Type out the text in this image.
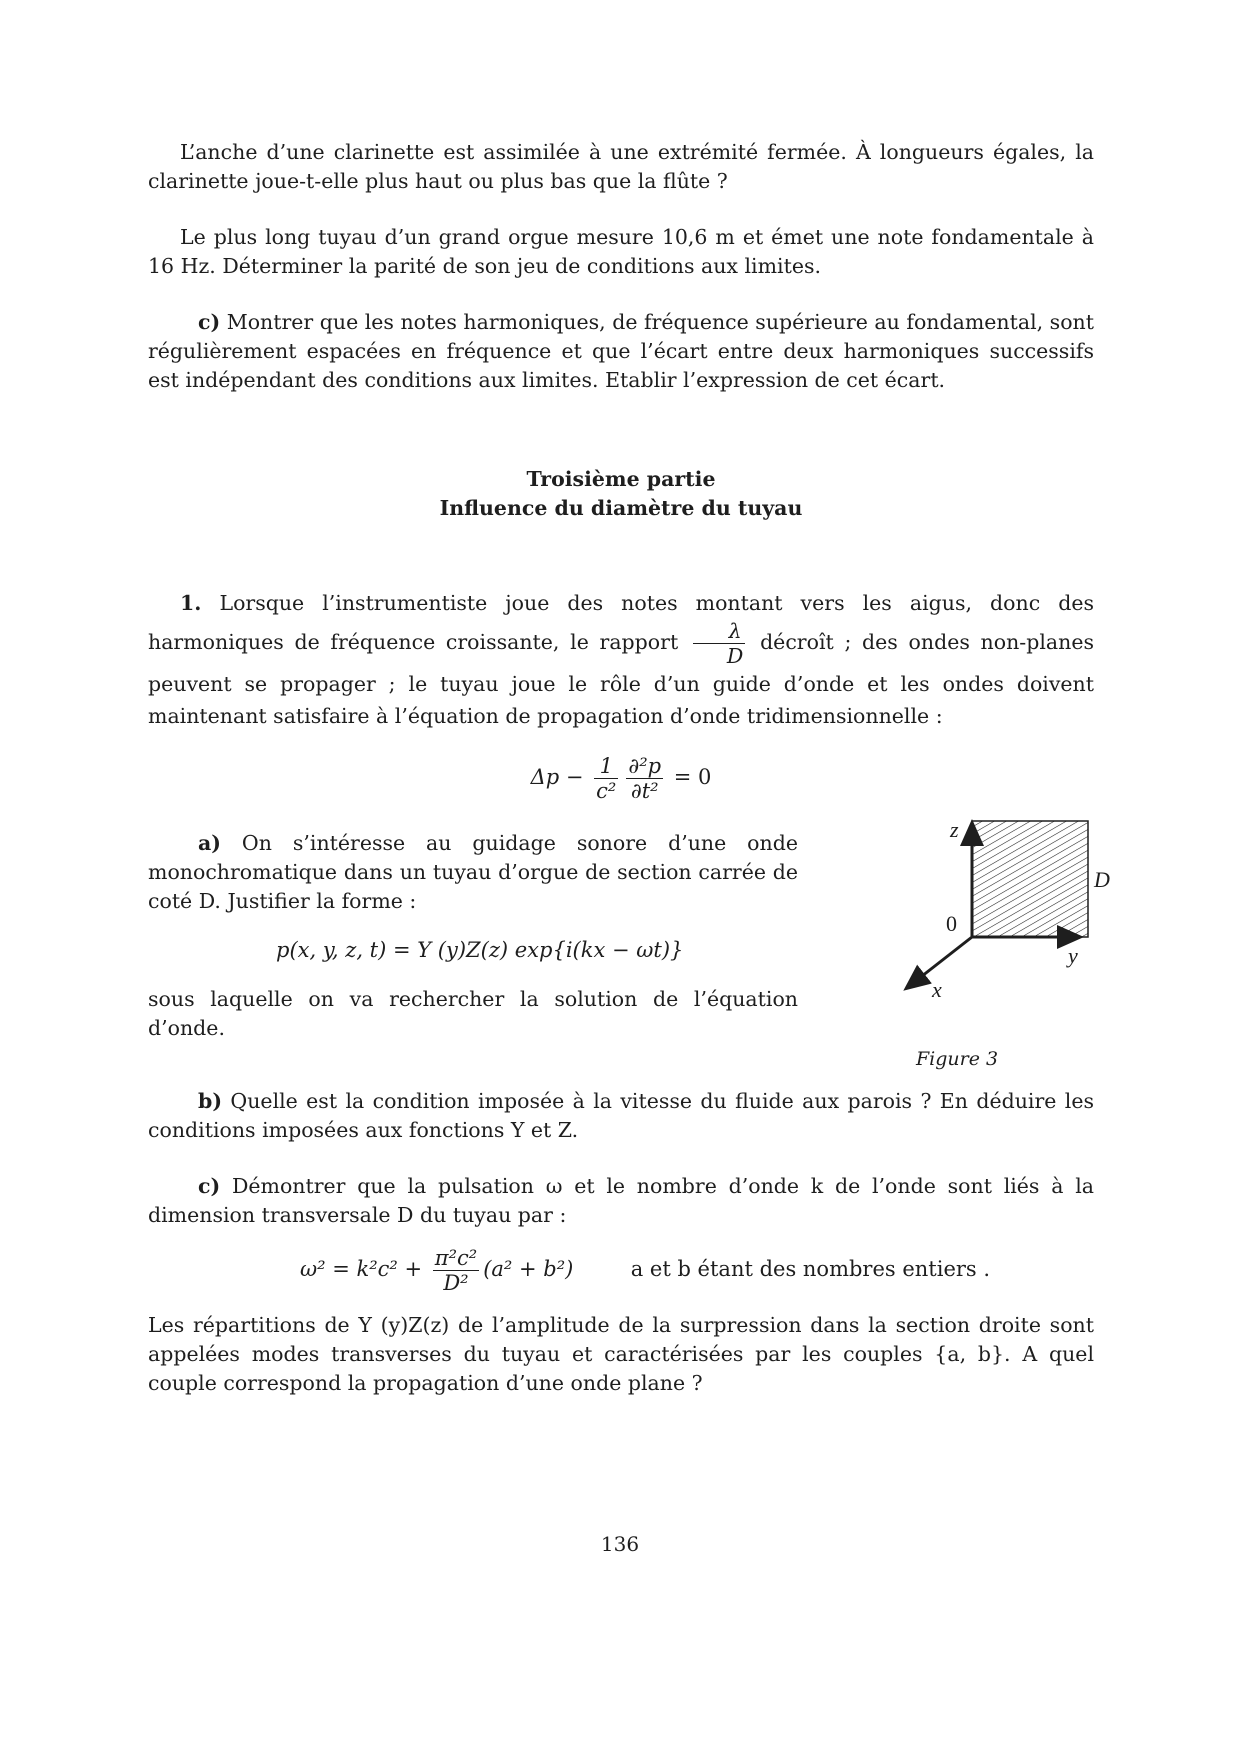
L’anche d’une clarinette est assimilée à une extrémité fermée. À longueurs égales, la clarinette joue-t-elle plus haut ou plus bas que la flûte ?

Le plus long tuyau d’un grand orgue mesure 10,6 m et émet une note fondamentale à 16 Hz. Déterminer la parité de son jeu de conditions aux limites.

c) Montrer que les notes harmoniques, de fréquence supérieure au fondamental, sont régulièrement espacées en fréquence et que l’écart entre deux harmoniques successifs est indépendant des conditions aux limites. Etablir l’expression de cet écart.

Troisième partie
Influence du diamètre du tuyau

1. Lorsque l’instrumentiste joue des notes montant vers les aigus, donc des harmoniques de fréquence croissante, le rapport $\frac{\lambda}{D}$ décroît ; des ondes non-planes peuvent se propager ; le tuyau joue le rôle d’un guide d’onde et les ondes doivent maintenant satisfaire à l’équation de propagation d’onde tridimensionnelle :

$\Delta p - \frac{1}{\text{c²}} \frac{\text{∂²p}}{\text{∂t²}} = 0$

a) On s’intéresse au guidage sonore d’une onde monochromatique dans un tuyau d’orgue de section carrée de coté D. Justifier la forme :

p(x, y, z, t) = Y (y)Z(z) exp{i(kx − ωt)}

sous laquelle on va rechercher la solution de l’équation d’onde.

z
D
0
y
x
Figure 3

b) Quelle est la condition imposée à la vitesse du fluide aux parois ? En déduire les conditions imposées aux fonctions Y et Z.

c) Démontrer que la pulsation ω et le nombre d’onde k de l’onde sont liés à la dimension transversale D du tuyau par :

$\omega^2 = k^2c^2 + \frac{\text{π²c²}}{\text{D²}} (a^2 + b^2)$	a et b étant des nombres entiers .

Les répartitions de Y (y)Z(z) de l’amplitude de la surpression dans la section droite sont appelées modes transverses du tuyau et caractérisées par les couples {a, b}. A quel couple correspond la propagation d’une onde plane ?

136
